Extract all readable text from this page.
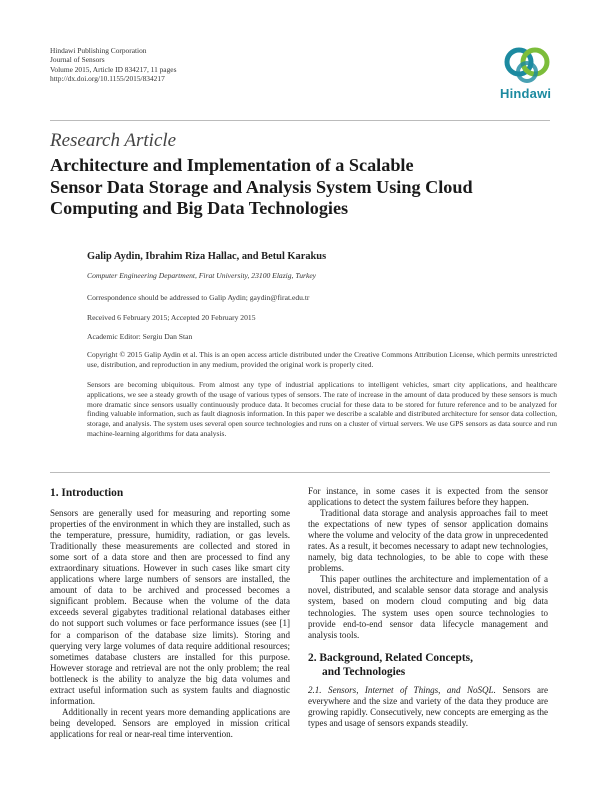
Hindawi Publishing Corporation
Journal of Sensors
Volume 2015, Article ID 834217, 11 pages
http://dx.doi.org/10.1155/2015/834217
Hindawi
Research Article
Architecture and Implementation of a Scalable
Sensor Data Storage and Analysis System Using Cloud
Computing and Big Data Technologies
Galip Aydin, Ibrahim Riza Hallac, and Betul Karakus
Computer Engineering Department, Firat University, 23100 Elazig, Turkey
Correspondence should be addressed to Galip Aydin; gaydin@firat.edu.tr
Received 6 February 2015; Accepted 20 February 2015
Academic Editor: Sergiu Dan Stan
Copyright © 2015 Galip Aydin et al. This is an open access article distributed under the Creative Commons Attribution License, which permits unrestricted use, distribution, and reproduction in any medium, provided the original work is properly cited.
Sensors are becoming ubiquitous. From almost any type of industrial applications to intelligent vehicles, smart city applications, and healthcare applications, we see a steady growth of the usage of various types of sensors. The rate of increase in the amount of data produced by these sensors is much more dramatic since sensors usually continuously produce data. It becomes crucial for these data to be stored for future reference and to be analyzed for finding valuable information, such as fault diagnosis information. In this paper we describe a scalable and distributed architecture for sensor data collection, storage, and analysis. The system uses several open source technologies and runs on a cluster of virtual servers. We use GPS sensors as data source and run machine-learning algorithms for data analysis.
1. Introduction

Sensors are generally used for measuring and reporting some properties of the environment in which they are installed, such as the temperature, pressure, humidity, radiation, or gas levels. Traditionally these measurements are collected and stored in some sort of a data store and then are processed to find any extraordinary situations. However in such cases like smart city applications where large numbers of sensors are installed, the amount of data to be archived and processed becomes a significant problem. Because when the volume of the data exceeds several gigabytes traditional relational databases either do not support such volumes or face performance issues (see [1] for a comparison of the database size limits). Storing and querying very large volumes of data require additional resources; sometimes database clusters are installed for this purpose. However storage and retrieval are not the only problem; the real bottleneck is the ability to analyze the big data volumes and extract useful information such as system faults and diagnostic information.

Additionally in recent years more demanding applications are being developed. Sensors are employed in mission critical applications for real or near-real time intervention.

For instance, in some cases it is expected from the sensor applications to detect the system failures before they happen.

Traditional data storage and analysis approaches fail to meet the expectations of new types of sensor application domains where the volume and velocity of the data grow in unprecedented rates. As a result, it becomes necessary to adapt new technologies, namely, big data technologies, to be able to cope with these problems.

This paper outlines the architecture and implementation of a novel, distributed, and scalable sensor data storage and analysis system, based on modern cloud computing and big data technologies. The system uses open source technologies to provide end-to-end sensor data lifecycle management and analysis tools.

2. Background, Related Concepts,
and Technologies

2.1. Sensors, Internet of Things, and NoSQL. Sensors are everywhere and the size and variety of the data they produce are growing rapidly. Consecutively, new concepts are emerging as the types and usage of sensors expands steadily.
